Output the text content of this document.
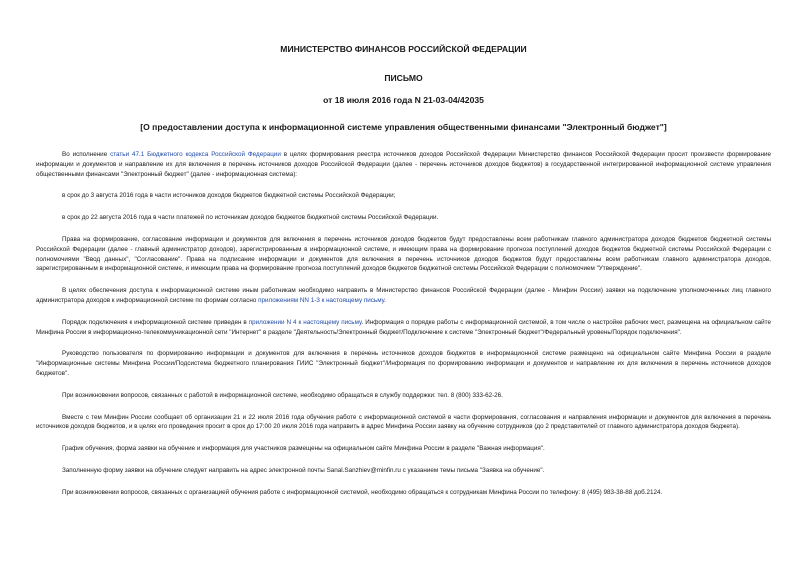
МИНИСТЕРСТВО ФИНАНСОВ РОССИЙСКОЙ ФЕДЕРАЦИИ

ПИСЬМО

от 18 июля 2016 года N 21-03-04/42035

[О предоставлении доступа к информационной системе управления общественными финансами "Электронный бюджет"]

Во исполнение статьи 47.1 Бюджетного кодекса Российской Федерации в целях формирования реестра источников доходов Российской Федерации Министерство финансов Российской Федерации просит произвести формирование информации и документов и направление их для включения в перечень источников доходов Российской Федерации (далее - перечень источников доходов бюджетов) в государственной интегрированной информационной системе управления общественными финансами "Электронный бюджет" (далее - информационная система):

в срок до 3 августа 2016 года в части источников доходов бюджетов бюджетной системы Российской Федерации;

в срок до 22 августа 2016 года в части платежей по источникам доходов бюджетов бюджетной системы Российской Федерации.

Права на формирование, согласование информации и документов для включения в перечень источников доходов бюджетов будут предоставлены всем работникам главного администратора доходов бюджетов бюджетной системы Российской Федерации (далее - главный администратор доходов), зарегистрированным в информационной системе, и имеющим права на формирование прогноза поступлений доходов бюджетов бюджетной системы Российской Федерации с полномочиями "Ввод данных", "Согласование". Права на подписание информации и документов для включения в перечень источников доходов бюджетов будут предоставлены всем работникам главного администратора доходов, зарегистрированным в информационной системе, и имеющим права на формирование прогноза поступлений доходов бюджетов бюджетной системы Российской Федерации с полномочием "Утверждение".

В целях обеспечения доступа к информационной системе иным работникам необходимо направить в Министерство финансов Российской Федерации (далее - Минфин России) заявки на подключение уполномоченных лиц главного администратора доходов к информационной системе по формам согласно приложениям NN 1-3 к настоящему письму.

Порядок подключения к информационной системе приведен в приложении N 4 к настоящему письму. Информация о порядке работы с информационной системой, в том числе о настройке рабочих мест, размещена на официальном сайте Минфина России в информационно-телекоммуникационной сети "Интернет" в разделе "Деятельность/Электронный бюджет/Подключение к системе "Электронный бюджет"/Федеральный уровень/Порядок подключения".

Руководство пользователя по формированию информации и документов для включения в перечень источников доходов бюджетов в информационной системе размещено на официальном сайте Минфина России в разделе "Информационные системы Минфина России/Подсистема бюджетного планирования ГИИС "Электронный бюджет"/Информация по формированию информации и документов и направление их для включения в перечень источников доходов бюджетов".

При возникновении вопросов, связанных с работой в информационной системе, необходимо обращаться в службу поддержки: тел. 8 (800) 333-62-26.

Вместе с тем Минфин России сообщает об организации 21 и 22 июля 2016 года обучения работе с информационной системой в части формирования, согласования и направления информации и документов для включения в перечень источников доходов бюджетов, и в целях его проведения просит в срок до 17:00 20 июля 2016 года направить в адрес Минфина России заявку на обучение сотрудников (до 2 представителей от главного администратора доходов бюджета).

График обучения, форма заявки на обучение и информация для участников размещены на официальном сайте Минфина России в разделе "Важная информация".

Заполненную форму заявки на обучение следует направить на адрес электронной почты Sanal.Sanzhiev@minfin.ru с указанием темы письма "Заявка на обучение".

При возникновении вопросов, связанных с организацией обучения работе с информационной системой, необходимо обращаться к сотрудникам Минфина России по телефону: 8 (495) 983-38-88 доб.2124.
